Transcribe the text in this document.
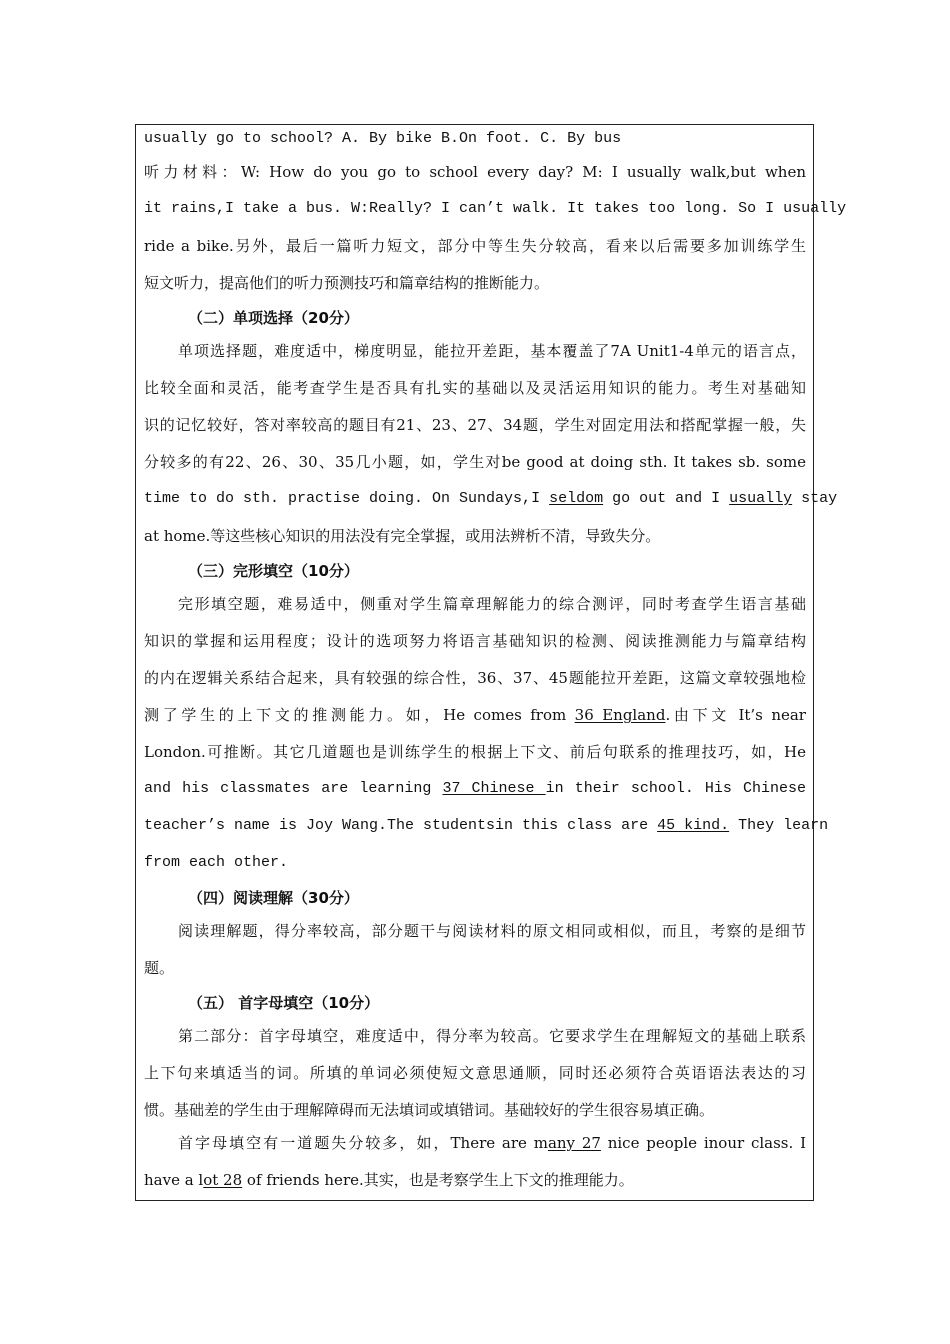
usually go to school? A. By bike B.On foot. C. By bus
听力材料：W: How do you go to school every day? M: I usually walk,but when
it rains,I take a bus. W:Really? I can’t walk. It takes too long. So I usually
ride a bike.另外，最后一篇听力短文，部分中等生失分较高，看来以后需要多加训练学生
短文听力，提高他们的听力预测技巧和篇章结构的推断能力。
（二）单项选择（20分）
单项选择题，难度适中，梯度明显，能拉开差距，基本覆盖了7A Unit1-4单元的语言点，
比较全面和灵活，能考查学生是否具有扎实的基础以及灵活运用知识的能力。考生对基础知
识的记忆较好，答对率较高的题目有21、23、27、34题，学生对固定用法和搭配掌握一般，失
分较多的有22、26、30、35几小题，如，学生对be good at doing sth. It takes sb. some
time to do sth. practise doing. On Sundays,I seldom go out and I usually stay
at home.等这些核心知识的用法没有完全掌握，或用法辨析不清，导致失分。
（三）完形填空（10分）
完形填空题，难易适中，侧重对学生篇章理解能力的综合测评，同时考查学生语言基础
知识的掌握和运用程度；设计的选项努力将语言基础知识的检测、阅读推测能力与篇章结构
的内在逻辑关系结合起来，具有较强的综合性，36、37、45题能拉开差距，这篇文章较强地检
测了学生的上下文的推测能力。如，He comes from 36 England.由下文 It’s near
London.可推断。其它几道题也是训练学生的根据上下文、前后句联系的推理技巧，如，He
and his classmates are learning 37 Chinese in their school. His Chinese
teacher’s name is Joy Wang.The studentsin this class are 45 kind. They learn
from each other.
（四）阅读理解（30分）
阅读理解题，得分率较高，部分题干与阅读材料的原文相同或相似，而且，考察的是细节
题。
（五） 首字母填空（10分）
第二部分：首字母填空，难度适中，得分率为较高。它要求学生在理解短文的基础上联系
上下句来填适当的词。所填的单词必须使短文意思通顺，同时还必须符合英语语法表达的习
惯。基础差的学生由于理解障碍而无法填词或填错词。基础较好的学生很容易填正确。
首字母填空有一道题失分较多，如，There are many 27 nice people inour class. I
have a lot 28 of friends here.其实，也是考察学生上下文的推理能力。
